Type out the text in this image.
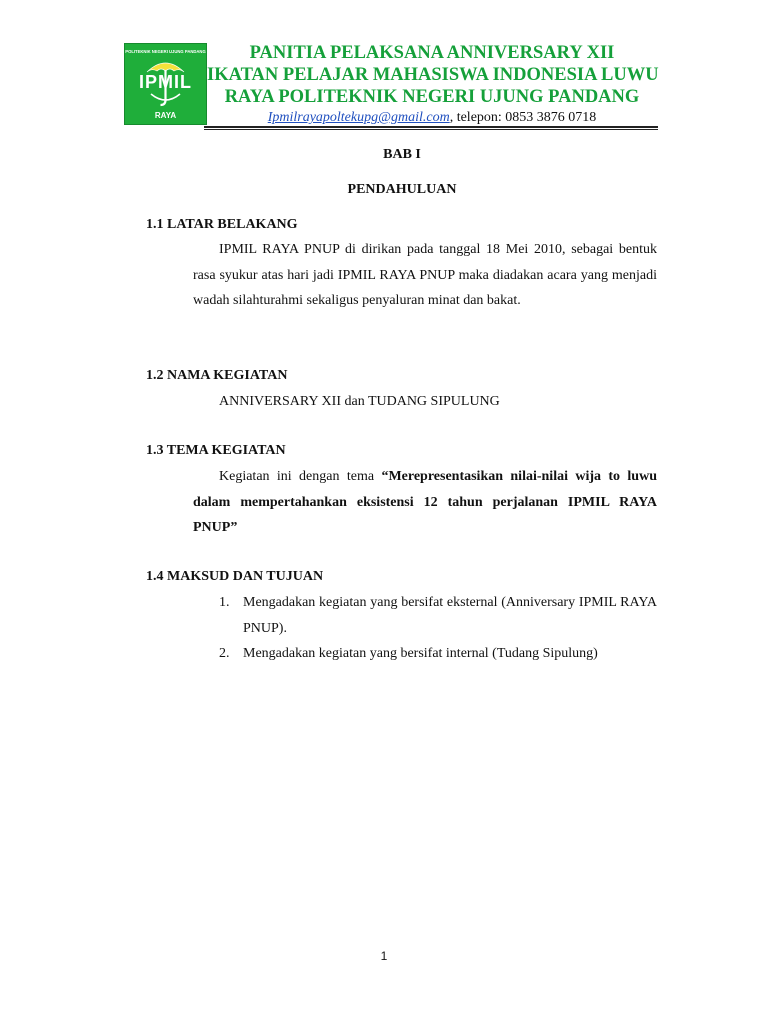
POLITEKNIK NEGERI UJUNG PANDANG
IPMIL
RAYA
PANITIA PELAKSANA ANNIVERSARY XII
IKATAN PELAJAR MAHASISWA INDONESIA LUWU
RAYA POLITEKNIK NEGERI UJUNG PANDANG
Ipmilrayapoltekupg@gmail.com, telepon: 0853 3876 0718
BAB I
PENDAHULUAN
1.1 LATAR BELAKANG
IPMIL RAYA PNUP di dirikan pada tanggal 18 Mei 2010, sebagai bentuk rasa syukur atas hari jadi IPMIL RAYA PNUP maka diadakan acara yang menjadi wadah silahturahmi sekaligus penyaluran minat dan bakat.
1.2 NAMA KEGIATAN
ANNIVERSARY XII dan TUDANG SIPULUNG
1.3 TEMA KEGIATAN
Kegiatan ini dengan tema “Merepresentasikan nilai-nilai wija to luwu dalam mempertahankan eksistensi 12 tahun perjalanan IPMIL RAYA PNUP”
1.4 MAKSUD DAN TUJUAN
1. Mengadakan kegiatan yang bersifat eksternal (Anniversary IPMIL RAYA PNUP).
2. Mengadakan kegiatan yang bersifat internal (Tudang Sipulung)
1
